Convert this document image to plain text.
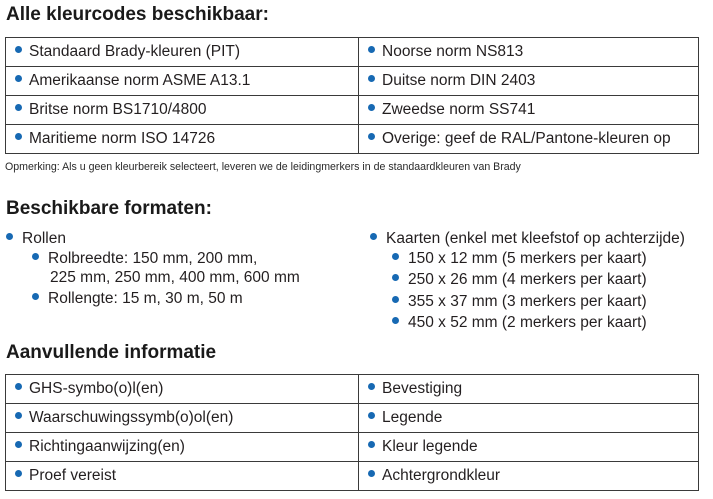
Alle kleurcodes beschikbaar:
Standaard Brady-kleuren (PIT)	Noorse norm NS813
Amerikaanse norm ASME A13.1	Duitse norm DIN 2403
Britse norm BS1710/4800	Zweedse norm SS741
Maritieme norm ISO 14726	Overige: geef de RAL/Pantone-kleuren op
Opmerking: Als u geen kleurbereik selecteert, leveren we de leidingmerkers in de standaardkleuren van Brady
Beschikbare formaten:
Rollen
Rolbreedte: 150 mm, 200 mm,
225 mm, 250 mm, 400 mm, 600 mm
Rollengte: 15 m, 30 m, 50 m
Kaarten (enkel met kleefstof op achterzijde)
150 x 12 mm (5 merkers per kaart)
250 x 26 mm (4 merkers per kaart)
355 x 37 mm (3 merkers per kaart)
450 x 52 mm (2 merkers per kaart)
Aanvullende informatie
GHS-symbo(o)l(en)	Bevestiging
Waarschuwingssymb(o)ol(en)	Legende
Richtingaanwijzing(en)	Kleur legende
Proef vereist	Achtergrondkleur
